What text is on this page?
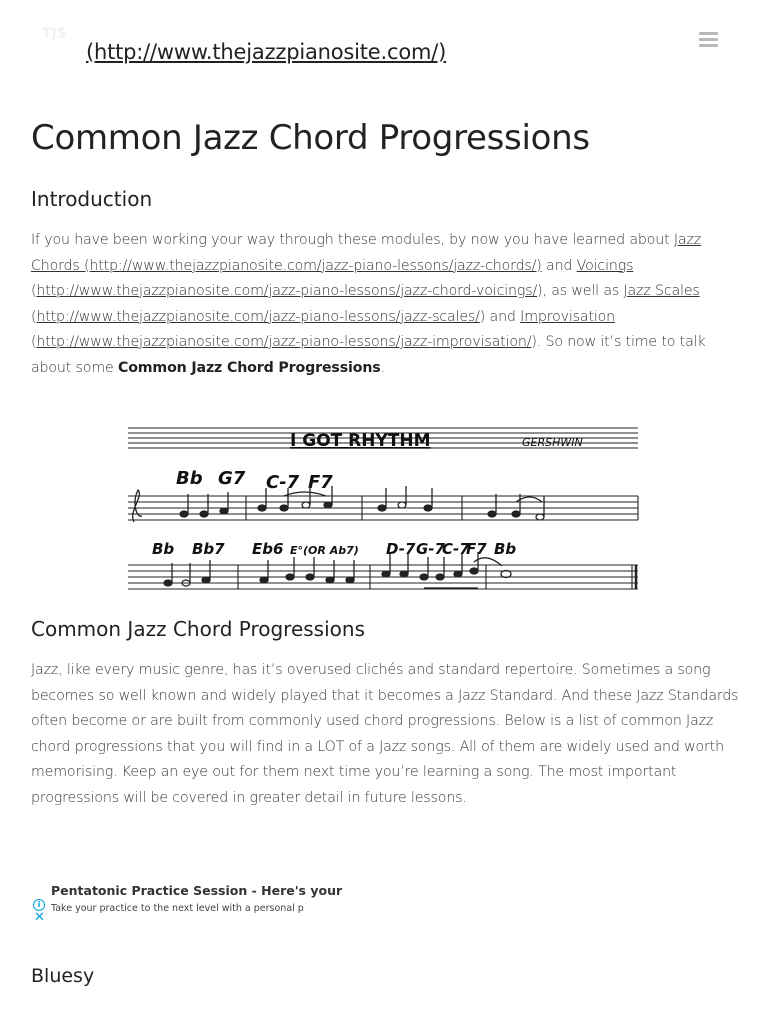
TJS
(http://www.thejazzpianosite.com/)
Common Jazz Chord Progressions
Introduction
If you have been working your way through these modules, by now you have learned about Jazz
Chords (http://www.thejazzpianosite.com/jazz-piano-lessons/jazz-chords/) and Voicings
(http://www.thejazzpianosite.com/jazz-piano-lessons/jazz-chord-voicings/), as well as Jazz Scales
(http://www.thejazzpianosite.com/jazz-piano-lessons/jazz-scales/) and Improvisation
(http://www.thejazzpianosite.com/jazz-piano-lessons/jazz-improvisation/). So now it’s time to talk
about some Common Jazz Chord Progressions.
I GOT RHYTHM	GERSHWIN
Bb G7 C-7 F7
Bb Bb7 Eb6 E°(OR Ab7) D-7 G-7
C-7
F7 Bb
Common Jazz Chord Progressions
Jazz, like every music genre, has it’s overused clichés and standard repertoire. Sometimes a song
becomes so well known and widely played that it becomes a Jazz Standard. And these Jazz Standards
often become or are built from commonly used chord progressions. Below is a list of common Jazz
chord progressions that you will find in a LOT of a Jazz songs. All of them are widely used and worth
memorising. Keep an eye out for them next time you’re learning a song. The most important
progressions will be covered in greater detail in future lessons.
Pentatonic Practice Session - Here's your
Take your practice to the next level with a personal p
i
✕
Bluesy
